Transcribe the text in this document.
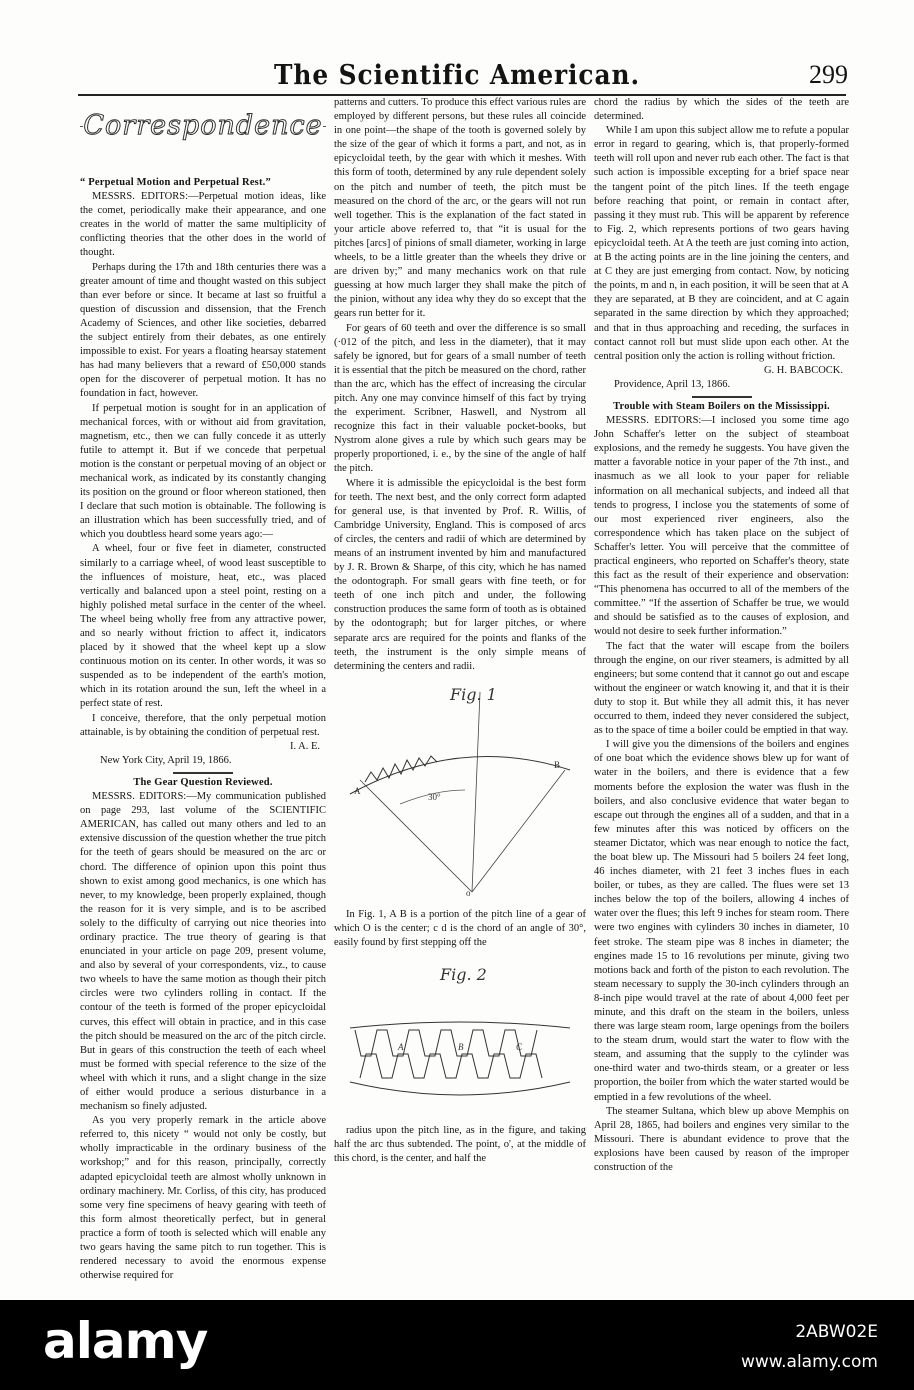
The Scientific American.	299
Correspondence
“ Perpetual Motion and Perpetual Rest.”

MESSRS. EDITORS:—Perpetual motion ideas, like the comet, periodically make their appearance, and one creates in the world of matter the same multiplicity of conflicting theories that the other does in the world of thought.

Perhaps during the 17th and 18th centuries there was a greater amount of time and thought wasted on this subject than ever before or since. It became at last so fruitful a question of discussion and dissension, that the French Academy of Sciences, and other like societies, debarred the subject entirely from their debates, as one entirely impossible to exist. For years a floating hearsay statement has had many believers that a reward of £50,000 stands open for the discoverer of perpetual motion. It has no foundation in fact, however.

If perpetual motion is sought for in an application of mechanical forces, with or without aid from gravitation, magnetism, etc., then we can fully concede it as utterly futile to attempt it. But if we concede that perpetual motion is the constant or perpetual moving of an object or mechanical work, as indicated by its constantly changing its position on the ground or floor whereon stationed, then I declare that such motion is obtainable. The following is an illustration which has been successfully tried, and of which you doubtless heard some years ago:—

A wheel, four or five feet in diameter, constructed similarly to a carriage wheel, of wood least susceptible to the influences of moisture, heat, etc., was placed vertically and balanced upon a steel point, resting on a highly polished metal surface in the center of the wheel. The wheel being wholly free from any attractive power, and so nearly without friction to affect it, indicators placed by it showed that the wheel kept up a slow continuous motion on its center. In other words, it was so suspended as to be independent of the earth's motion, which in its rotation around the sun, left the wheel in a perfect state of rest.

I conceive, therefore, that the only perpetual motion attainable, is by obtaining the condition of perpetual rest.

I. A. E.

New York City, April 19, 1866.

The Gear Question Reviewed.

MESSRS. EDITORS:—My communication published on page 293, last volume of the SCIENTIFIC AMERICAN, has called out many others and led to an extensive discussion of the question whether the true pitch for the teeth of gears should be measured on the arc or chord. The difference of opinion upon this point thus shown to exist among good mechanics, is one which has never, to my knowledge, been properly explained, though the reason for it is very simple, and is to be ascribed solely to the difficulty of carrying out nice theories into ordinary practice. The true theory of gearing is that enunciated in your article on page 209, present volume, and also by several of your correspondents, viz., to cause two wheels to have the same motion as though their pitch circles were two cylinders rolling in contact. If the contour of the teeth is formed of the proper epicycloidal curves, this effect will obtain in practice, and in this case the pitch should be measured on the arc of the pitch circle. But in gears of this construction the teeth of each wheel must be formed with special reference to the size of the wheel with which it runs, and a slight change in the size of either would produce a serious disturbance in a mechanism so finely adjusted.

As you very properly remark in the article above referred to, this nicety “ would not only be costly, but wholly impracticable in the ordinary business of the workshop;” and for this reason, principally, correctly adapted epicycloidal teeth are almost wholly unknown in ordinary machinery. Mr. Corliss, of this city, has produced some very fine specimens of heavy gearing with teeth of this form almost theoretically perfect, but in general practice a form of tooth is selected which will enable any two gears having the same pitch to run together. This is rendered necessary to avoid the enormous expense otherwise required for

patterns and cutters. To produce this effect various rules are employed by different persons, but these rules all coincide in one point—the shape of the tooth is governed solely by the size of the gear of which it forms a part, and not, as in epicycloidal teeth, by the gear with which it meshes. With this form of tooth, determined by any rule dependent solely on the pitch and number of teeth, the pitch must be measured on the chord of the arc, or the gears will not run well together. This is the explanation of the fact stated in your article above referred to, that “it is usual for the pitches [arcs] of pinions of small diameter, working in large wheels, to be a little greater than the wheels they drive or are driven by;” and many mechanics work on that rule guessing at how much larger they shall make the pitch of the pinion, without any idea why they do so except that the gears run better for it.

For gears of 60 teeth and over the difference is so small (·012 of the pitch, and less in the diameter), that it may safely be ignored, but for gears of a small number of teeth it is essential that the pitch be measured on the chord, rather than the arc, which has the effect of increasing the circular pitch. Any one may convince himself of this fact by trying the experiment. Scribner, Haswell, and Nystrom all recognize this fact in their valuable pocket-books, but Nystrom alone gives a rule by which such gears may be properly proportioned, i. e., by the sine of the angle of half the pitch.

Where it is admissible the epicycloidal is the best form for teeth. The next best, and the only correct form adapted for general use, is that invented by Prof. R. Willis, of Cambridge University, England. This is composed of arcs of circles, the centers and radii of which are determined by means of an instrument invented by him and manufactured by J. R. Brown & Sharpe, of this city, which he has named the odontograph. For small gears with fine teeth, or for teeth of one inch pitch and under, the following construction produces the same form of tooth as is obtained by the odontograph; but for larger pitches, or where separate arcs are required for the points and flanks of the teeth, the instrument is the only simple means of determining the centers and radii.

Fig. 1
30°
o
B
A

In Fig. 1, A B is a portion of the pitch line of a gear of which O is the center; c d is the chord of an angle of 30°, easily found by first stepping off the

Fig. 2
A	B	C

radius upon the pitch line, as in the figure, and taking half the arc thus subtended. The point, o', at the middle of this chord, is the center, and half the

chord the radius by which the sides of the teeth are determined.

While I am upon this subject allow me to refute a popular error in regard to gearing, which is, that properly-formed teeth will roll upon and never rub each other. The fact is that such action is impossible excepting for a brief space near the tangent point of the pitch lines. If the teeth engage before reaching that point, or remain in contact after, passing it they must rub. This will be apparent by reference to Fig. 2, which represents portions of two gears having epicycloidal teeth. At A the teeth are just coming into action, at B the acting points are in the line joining the centers, and at C they are just emerging from contact. Now, by noticing the points, m and n, in each position, it will be seen that at A they are separated, at B they are coincident, and at C again separated in the same direction by which they approached; and that in thus approaching and receding, the surfaces in contact cannot roll but must slide upon each other. At the central position only the action is rolling without friction.

G. H. BABCOCK.

Providence, April 13, 1866.

Trouble with Steam Boilers on the Mississippi.

MESSRS. EDITORS:—I inclosed you some time ago John Schaffer's letter on the subject of steamboat explosions, and the remedy he suggests. You have given the matter a favorable notice in your paper of the 7th inst., and inasmuch as we all look to your paper for reliable information on all mechanical subjects, and indeed all that tends to progress, I inclose you the statements of some of our most experienced river engineers, also the correspondence which has taken place on the subject of Schaffer's letter. You will perceive that the committee of practical engineers, who reported on Schaffer's theory, state this fact as the result of their experience and observation: “This phenomena has occurred to all of the members of the committee.” “If the assertion of Schaffer be true, we would and should be satisfied as to the causes of explosion, and would not desire to seek further information.”

The fact that the water will escape from the boilers through the engine, on our river steamers, is admitted by all engineers; but some contend that it cannot go out and escape without the engineer or watch knowing it, and that it is their duty to stop it. But while they all admit this, it has never occurred to them, indeed they never considered the subject, as to the space of time a boiler could be emptied in that way.

I will give you the dimensions of the boilers and engines of one boat which the evidence shows blew up for want of water in the boilers, and there is evidence that a few moments before the explosion the water was flush in the boilers, and also conclusive evidence that water began to escape out through the engines all of a sudden, and that in a few minutes after this was noticed by officers on the steamer Dictator, which was near enough to notice the fact, the boat blew up. The Missouri had 5 boilers 24 feet long, 46 inches diameter, with 21 feet 3 inches flues in each boiler, or tubes, as they are called. The flues were set 13 inches below the top of the boilers, allowing 4 inches of water over the flues; this left 9 inches for steam room. There were two engines with cylinders 30 inches in diameter, 10 feet stroke. The steam pipe was 8 inches in diameter; the engines made 15 to 16 revolutions per minute, giving two motions back and forth of the piston to each revolution. The steam necessary to supply the 30-inch cylinders through an 8-inch pipe would travel at the rate of about 4,000 feet per minute, and this draft on the steam in the boilers, unless there was large steam room, large openings from the boilers to the steam drum, would start the water to flow with the steam, and assuming that the supply to the cylinder was one-third water and two-thirds steam, or a greater or less proportion, the boiler from which the water started would be emptied in a few revolutions of the wheel.

The steamer Sultana, which blew up above Memphis on April 28, 1865, had boilers and engines very similar to the Missouri. There is abundant evidence to prove that the explosions have been caused by reason of the improper construction of the

alamy	2ABW02E
www.alamy.com
